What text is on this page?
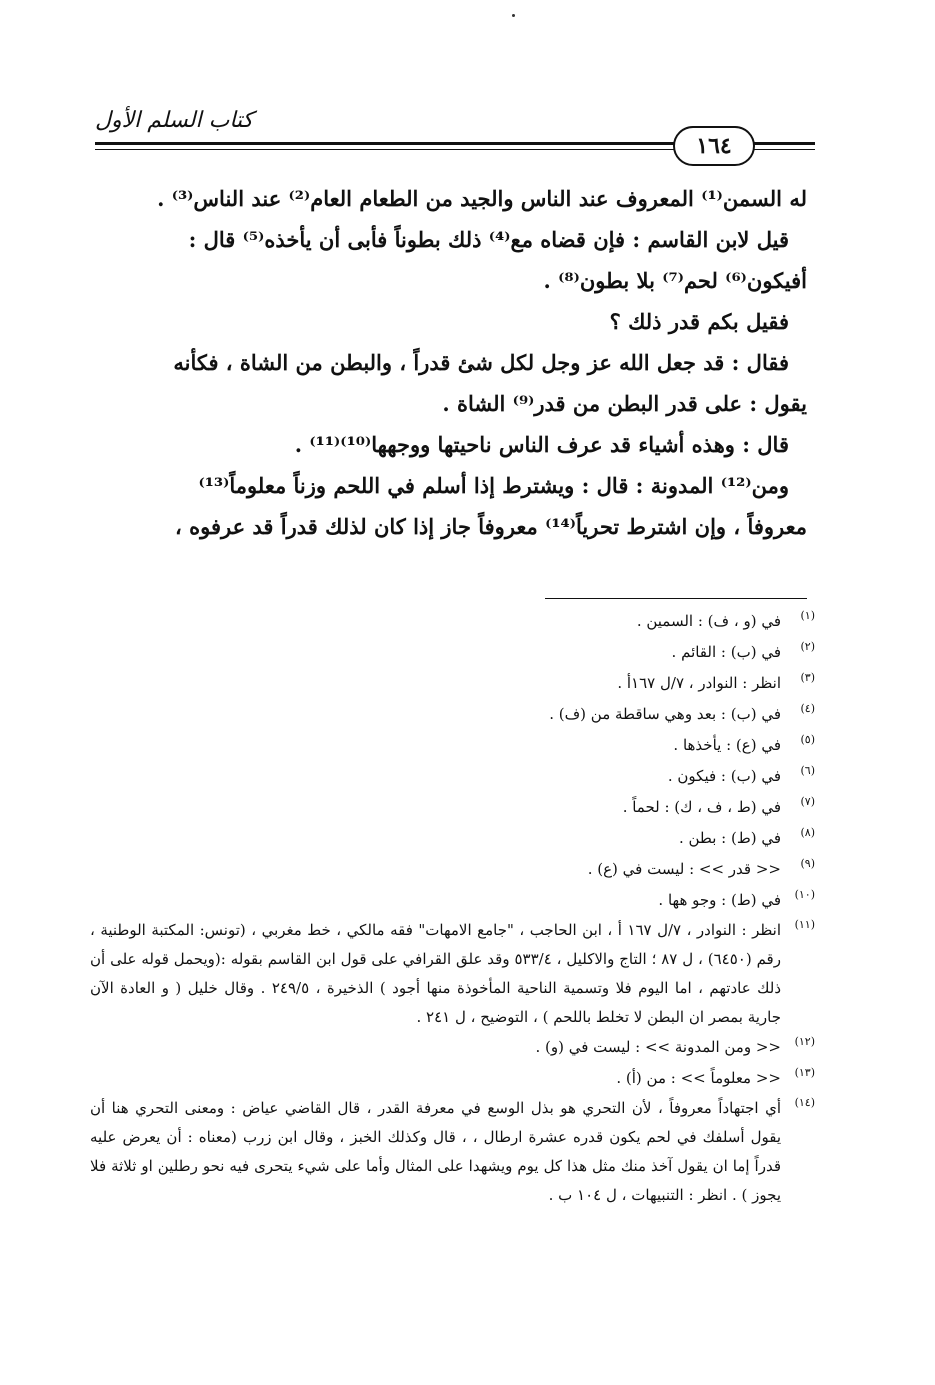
كتاب السلم الأول
١٦٤

له السمن⁽¹⁾ المعروف عند الناس والجيد من الطعام العام⁽²⁾ عند الناس⁽³⁾ .

قيل لابن القاسم : فإن قضاه مع⁽⁴⁾ ذلك بطوناً فأبى أن يأخذه⁽⁵⁾ قال :

أفيكون⁽⁶⁾ لحم⁽⁷⁾ بلا بطون⁽⁸⁾ .

فقيل بكم قدر ذلك ؟

فقال : قد جعل الله عز وجل لكل شئ قدراً ، والبطن من الشاة ، فكأنه

يقول : على قدر البطن من قدر⁽⁹⁾ الشاة .

قال : وهذه أشياء قد عرف الناس ناحيتها ووجهها⁽¹⁰⁾⁽¹¹⁾ .

ومن⁽¹²⁾ المدونة : قال : ويشترط إذا أسلم في اللحم وزناً معلوماً⁽¹³⁾

معروفاً ، وإن اشترط تحرياً⁽¹⁴⁾ معروفاً جاز إذا كان لذلك قدراً قد عرفوه ،

(١)
في (و ، ف) : السمين .

(٢)
في (ب) : القائم .

(٣)
انظر : النوادر ، ٧/ل ١٦٧أ .

(٤)
في (ب) : بعد وهي ساقطة من (ف) .

(٥)
في (ع) : يأخذها .

(٦)
في (ب) : فيكون .

(٧)
في (ط ، ف ، ك) : لحماً .

(٨)
في (ط) : بطن .

(٩)
<< قدر >> : ليست في (ع) .

(١٠)
في (ط) : وجو هها .

(١١)
انظر : النوادر ، ٧/ل ١٦٧ أ ، ابن الحاجب ، "جامع الامهات" فقه مالكي ، خط مغربي ، (تونس: المكتبة الوطنية ، رقم (٦٤٥٠) ، ل ٨٧ ؛ التاج والاكليل ، ٥٣٣/٤ وقد علق القرافي على قول ابن القاسم بقوله :(ويحمل قوله على أن ذلك عادتهم ، اما اليوم فلا وتسمية الناحية المأخوذة منها أجود ) الذخيرة ، ٢٤٩/٥ . وقال خليل ( و العادة الآن جارية بمصر ان البطن لا تخلط باللحم ) ، التوضيح ، ل ٢٤١ .

(١٢)
<< ومن المدونة >> : ليست في (و) .

(١٣)
<< معلوماً >> : من (أ) .

(١٤)
أي اجتهاداً معروفاً ، لأن التحري هو بذل الوسع في معرفة القدر ، قال القاضي عياض : ومعنى التحري هنا أن يقول أسلفك في لحم يكون قدره عشرة ارطال ، ، قال وكذلك الخبز ، وقال ابن زرب (معناه : أن يعرض عليه قدراً إما ان يقول آخذ منك مثل هذا كل يوم ويشهدا على المثال وأما على شيء يتحرى فيه نحو رطلين او ثلاثة فلا يجوز ) . انظر : التنبيهات ، ل ١٠٤ ب .
